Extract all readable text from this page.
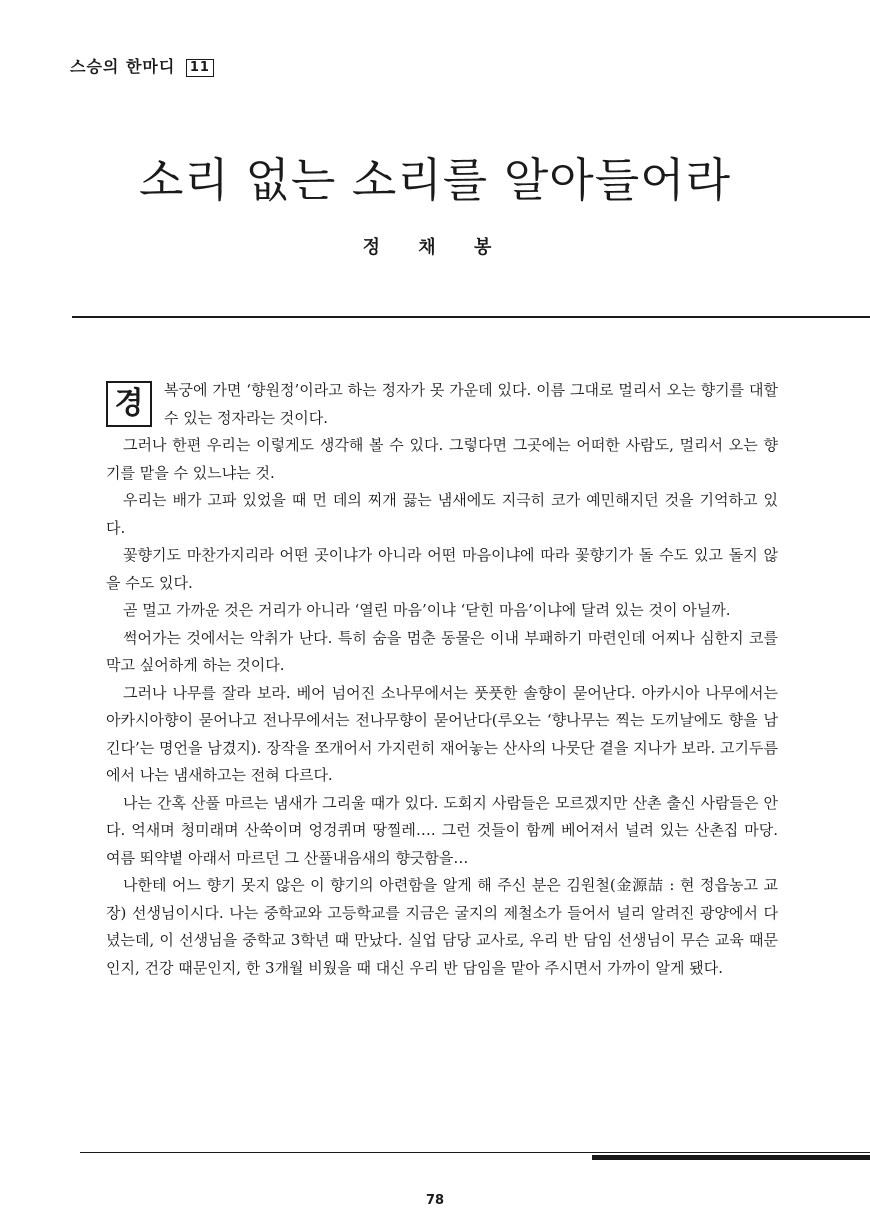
스승의 한마디 11
소리 없는 소리를 알아들어라
정 채 봉
경	복궁에 가면 ‘향원정’이라고 하는 정자가 못 가운데 있다. 이름 그대로 멀리서 오는 향기를 대할 수 있는 정자라는 것이다.

그러나 한편 우리는 이렇게도 생각해 볼 수 있다. 그렇다면 그곳에는 어떠한 사람도, 멀리서 오는 향기를 맡을 수 있느냐는 것.

우리는 배가 고파 있었을 때 먼 데의 찌개 끓는 냄새에도 지극히 코가 예민해지던 것을 기억하고 있다.

꽃향기도 마찬가지리라 어떤 곳이냐가 아니라 어떤 마음이냐에 따라 꽃향기가 돌 수도 있고 돌지 않을 수도 있다.

곧 멀고 가까운 것은 거리가 아니라 ‘열린 마음’이냐 ‘닫힌 마음’이냐에 달려 있는 것이 아닐까.

썩어가는 것에서는 악취가 난다. 특히 숨을 멈춘 동물은 이내 부패하기 마련인데 어찌나 심한지 코를 막고 싶어하게 하는 것이다.

그러나 나무를 잘라 보라. 베어 넘어진 소나무에서는 풋풋한 솔향이 묻어난다. 아카시아 나무에서는 아카시아향이 묻어나고 전나무에서는 전나무향이 묻어난다(루오는 ‘향나무는 찍는 도끼날에도 향을 남긴다’는 명언을 남겼지). 장작을 쪼개어서 가지런히 재어놓는 산사의 나뭇단 곁을 지나가 보라. 고기두름에서 나는 냄새하고는 전혀 다르다.

나는 간혹 산풀 마르는 냄새가 그리울 때가 있다. 도회지 사람들은 모르겠지만 산촌 출신 사람들은 안다. 억새며 청미래며 산쑥이며 엉겅퀴며 땅찔레…. 그런 것들이 함께 베어져서 널려 있는 산촌집 마당. 여름 뙤약볕 아래서 마르던 그 산풀내음새의 향긋함을…

나한테 어느 향기 못지 않은 이 향기의 아련함을 알게 해 주신 분은 김원철(金源喆 : 현 정읍농고 교장) 선생님이시다. 나는 중학교와 고등학교를 지금은 굴지의 제철소가 들어서 널리 알려진 광양에서 다녔는데, 이 선생님을 중학교 3학년 때 만났다. 실업 담당 교사로, 우리 반 담임 선생님이 무슨 교육 때문인지, 건강 때문인지, 한 3개월 비웠을 때 대신 우리 반 담임을 맡아 주시면서 가까이 알게 됐다.

78
